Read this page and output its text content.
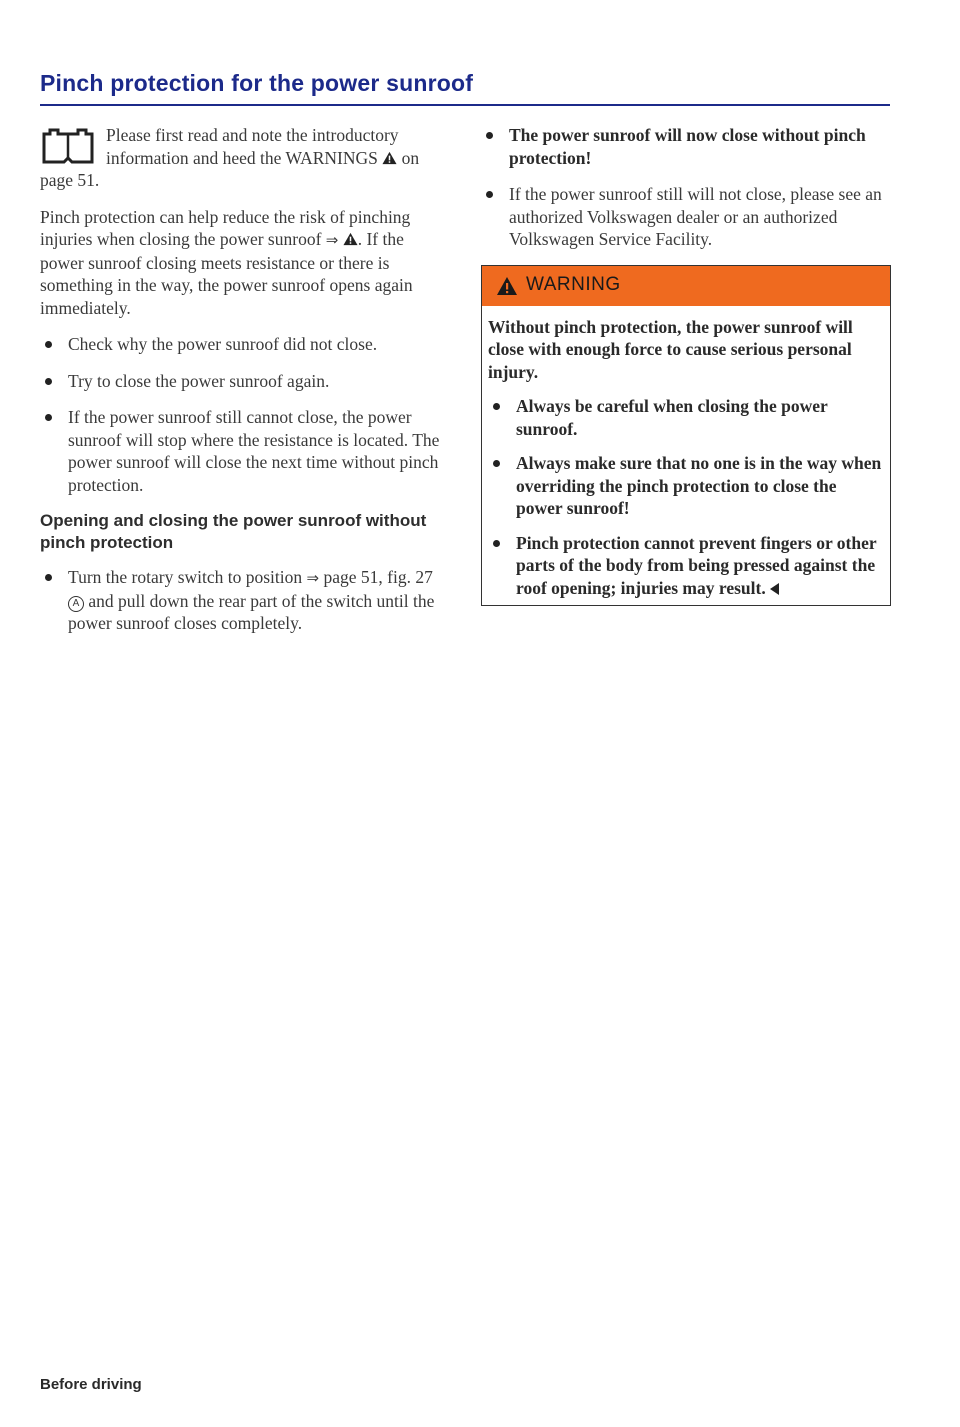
Pinch protection for the power sunroof
Please first read and note the introductory information and heed the WARNINGS  on page 51.

Pinch protection can help reduce the risk of pinching injuries when closing the power sunroof ⇒ . If the power sunroof closing meets resistance or there is something in the way, the power sunroof opens again immediately.

Check why the power sunroof did not close.
Try to close the power sunroof again.
If the power sunroof still cannot close, the power sunroof will stop where the resistance is located. The power sunroof will close the next time without pinch protection.
Opening and closing the power sunroof without pinch protection
Turn the rotary switch to position ⇒ page 51, fig. 27 A and pull down the rear part of the switch until the power sunroof closes completely.
The power sunroof will now close without pinch protection!
If the power sunroof still will not close, please see an authorized Volkswagen dealer or an authorized Volkswagen Service Facility.
WARNING

Without pinch protection, the power sunroof will close with enough force to cause serious personal injury.

Always be careful when closing the power sunroof.
Always make sure that no one is in the way when overriding the pinch protection to close the power sunroof!
Pinch protection cannot prevent fingers or other parts of the body from being pressed against the roof opening; injuries may result.
Before driving
